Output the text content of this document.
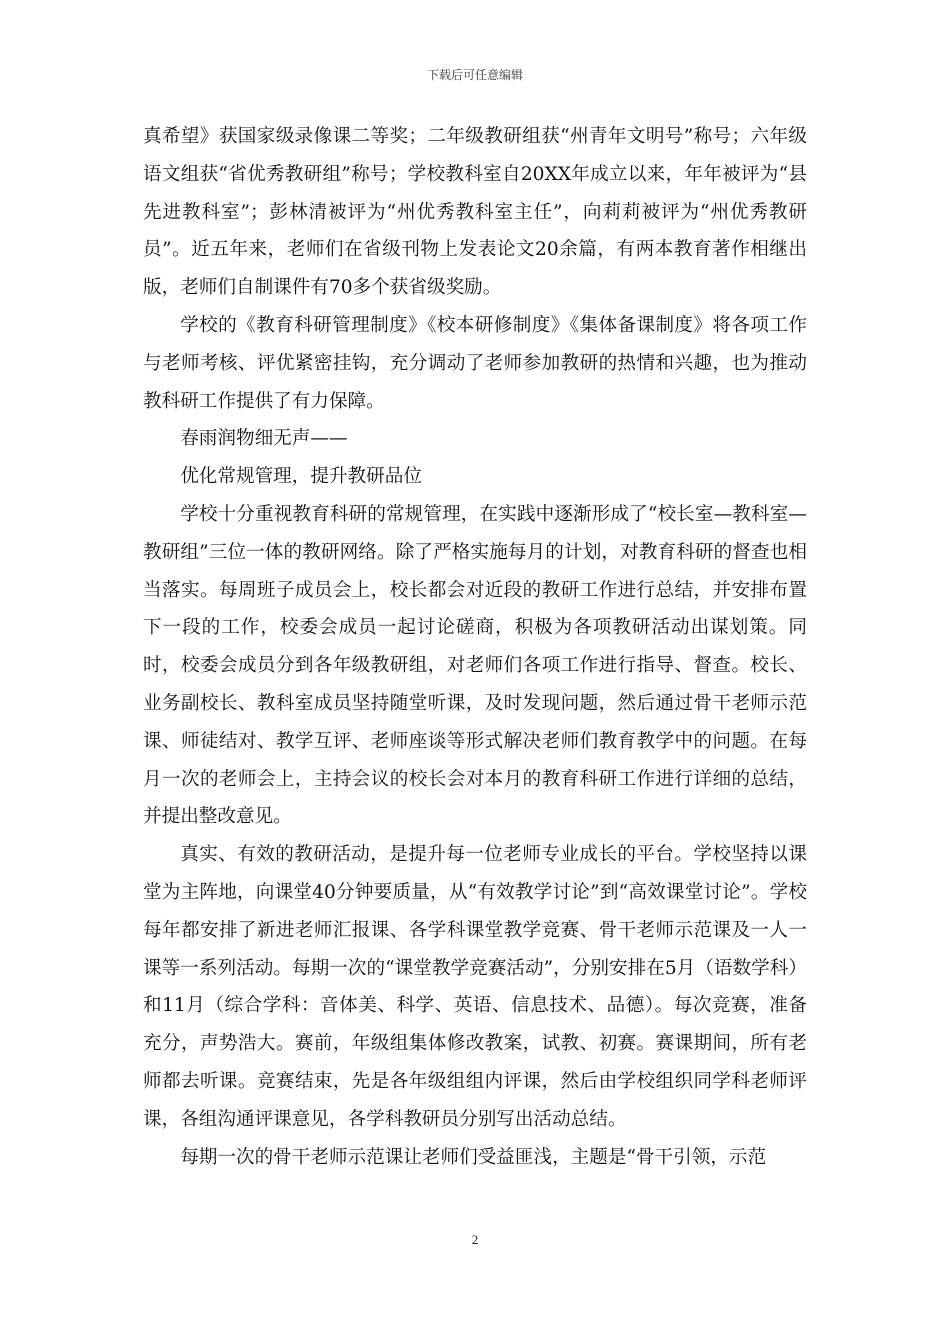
下载后可任意编辑

真希望》获国家级录像课二等奖；二年级教研组获“州青年文明号”称号；六年级语文组获“省优秀教研组”称号；学校教科室自20XX年成立以来，年年被评为“县先进教科室”；彭林清被评为“州优秀教科室主任”，向莉莉被评为“州优秀教研员”。近五年来，老师们在省级刊物上发表论文20余篇，有两本教育著作相继出版，老师们自制课件有70多个获省级奖励。

学校的《教育科研管理制度》《校本研修制度》《集体备课制度》将各项工作与老师考核、评优紧密挂钩，充分调动了老师参加教研的热情和兴趣，也为推动教科研工作提供了有力保障。

春雨润物细无声——

优化常规管理，提升教研品位

学校十分重视教育科研的常规管理，在实践中逐渐形成了“校长室—教科室—教研组”三位一体的教研网络。除了严格实施每月的计划，对教育科研的督查也相当落实。每周班子成员会上，校长都会对近段的教研工作进行总结，并安排布置下一段的工作，校委会成员一起讨论磋商，积极为各项教研活动出谋划策。同时，校委会成员分到各年级教研组，对老师们各项工作进行指导、督查。校长、业务副校长、教科室成员坚持随堂听课，及时发现问题，然后通过骨干老师示范课、师徒结对、教学互评、老师座谈等形式解决老师们教育教学中的问题。在每月一次的老师会上，主持会议的校长会对本月的教育科研工作进行详细的总结，并提出整改意见。

真实、有效的教研活动，是提升每一位老师专业成长的平台。学校坚持以课堂为主阵地，向课堂40分钟要质量，从“有效教学讨论”到“高效课堂讨论”。学校每年都安排了新进老师汇报课、各学科课堂教学竞赛、骨干老师示范课及一人一课等一系列活动。每期一次的“课堂教学竞赛活动”，分别安排在5月（语数学科）和11月（综合学科：音体美、科学、英语、信息技术、品德）。每次竞赛，准备充分，声势浩大。赛前，年级组集体修改教案，试教、初赛。赛课期间，所有老师都去听课。竞赛结束，先是各年级组组内评课，然后由学校组织同学科老师评课，各组沟通评课意见，各学科教研员分别写出活动总结。

每期一次的骨干老师示范课让老师们受益匪浅，主题是“骨干引领，示范

2
